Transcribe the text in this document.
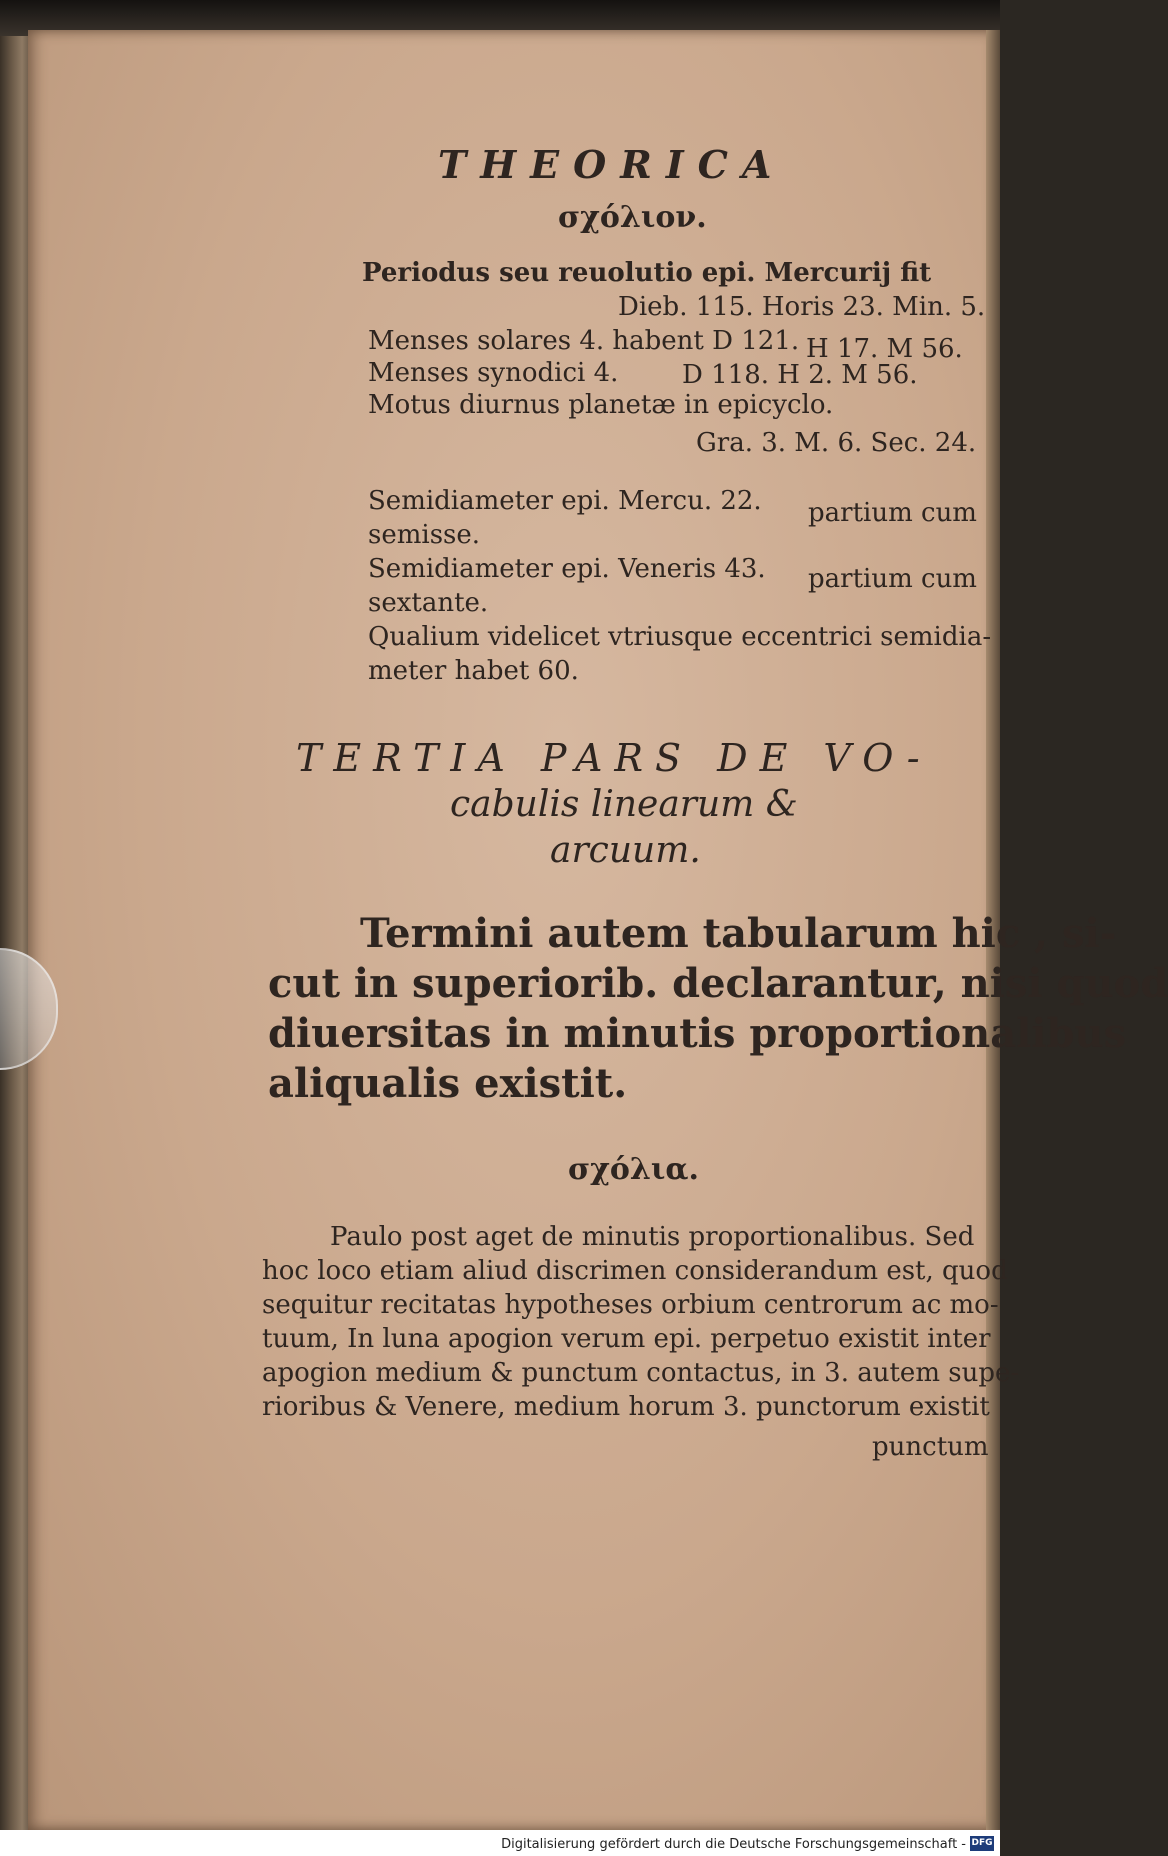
THEORICA
σχόλιον.
Periodus seu reuolutio epi. Mercurij fit
Dieb. 115. Horis 23. Min. 5.
Menses solares 4. habent D 121. H 17. M 56.
Menses synodici 4. D 118. H 2. M 56.
Motus diurnus planetæ in epicyclo.
Gra. 3. M. 6. Sec. 24.
Semidiameter epi. Mercu. 22. partium cum
semisse.
Semidiameter epi. Veneris 43. partium cum
sextante.
Qualium videlicet vtriusque eccentrici semidia-
meter habet 60.
TERTIA PARS DE VO-
cabulis linearum &
arcuum.
Termini autem tabularum hic , si-
cut in superiorib. declarantur, nisi quod
diuersitas in minutis proportionalibus
aliqualis existit.
σχόλια.
Paulo post aget de minutis proportionalibus. Sed
hoc loco etiam aliud discrimen considerandum est, quod
sequitur recitatas hypotheses orbium centrorum ac mo-
tuum, In luna apogion verum epi. perpetuo existit inter
apogion medium & punctum contactus, in 3. autem supe-
rioribus & Venere, medium horum 3. punctorum existit
punctum
Digitalisierung gefördert durch die Deutsche Forschungsgemeinschaft - DFG
